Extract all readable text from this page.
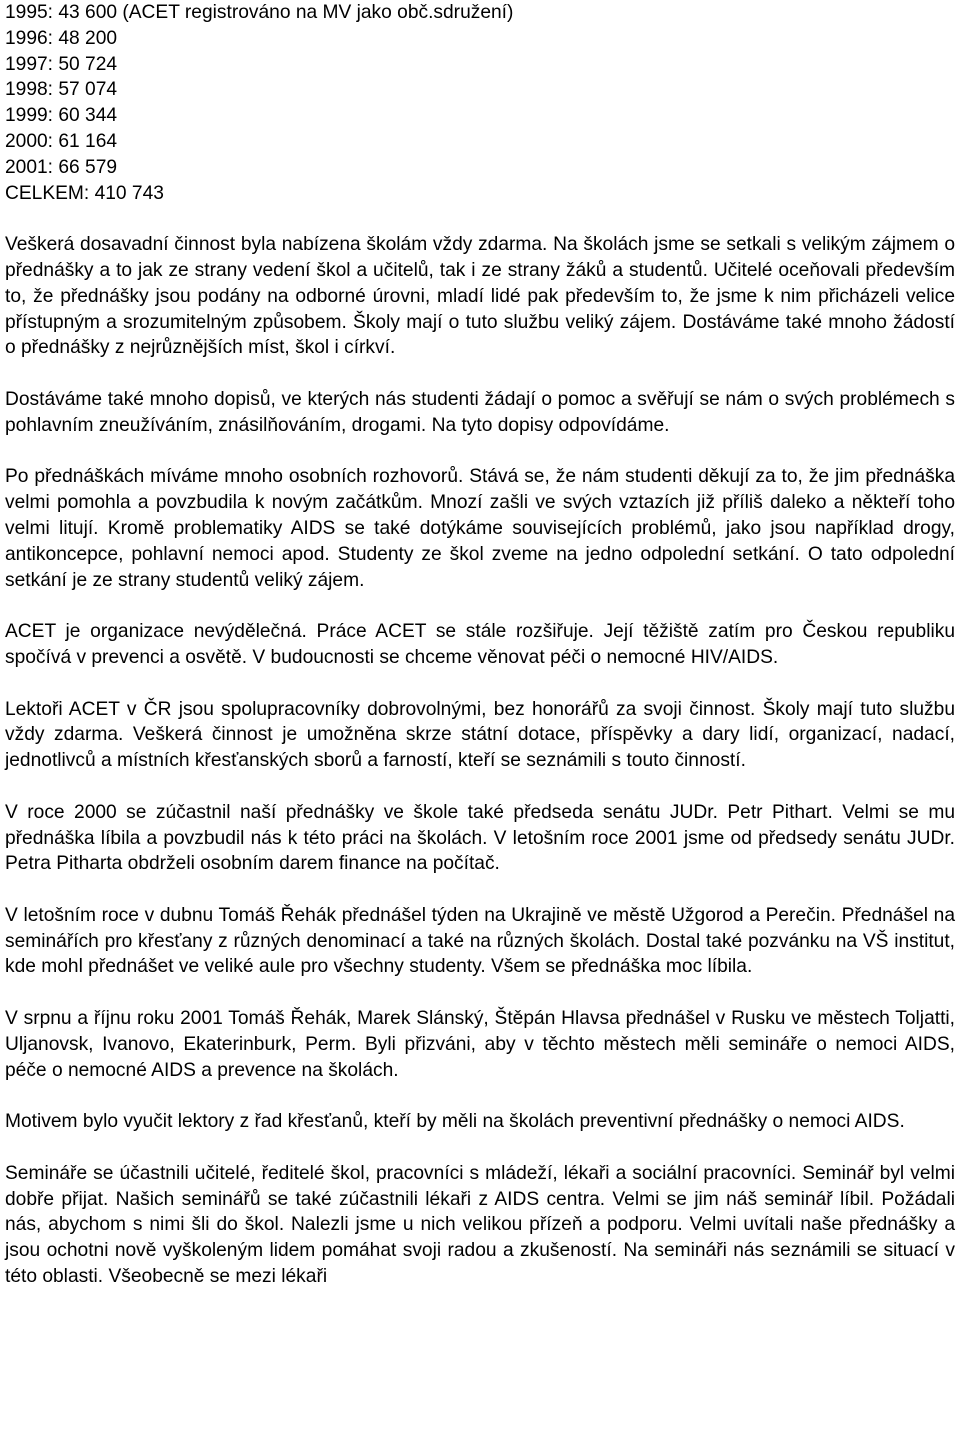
1995: 43 600 (ACET registrováno na MV jako obč.sdružení)
1996: 48 200
1997: 50 724
1998: 57 074
1999: 60 344
2000: 61 164
2001: 66 579
CELKEM: 410 743

Veškerá dosavadní činnost byla nabízena školám vždy zdarma. Na školách jsme se setkali s velikým zájmem o přednášky a to jak ze strany vedení škol a učitelů, tak i ze strany žáků a studentů. Učitelé oceňovali především to, že přednášky jsou podány na odborné úrovni, mladí lidé pak především to, že jsme k nim přicházeli velice přístupným a srozumitelným způsobem. Školy mají o tuto službu veliký zájem. Dostáváme také mnoho žádostí o přednášky z nejrůznějších míst, škol i církví.

Dostáváme také mnoho dopisů, ve kterých nás studenti žádají o pomoc a svěřují se nám o svých problémech s pohlavním zneužíváním, znásilňováním, drogami. Na tyto dopisy odpovídáme.

Po přednáškách míváme mnoho osobních rozhovorů. Stává se, že nám studenti děkují za to, že jim přednáška velmi pomohla a povzbudila k novým začátkům. Mnozí zašli ve svých vztazích již příliš daleko a někteří toho velmi litují. Kromě problematiky AIDS se také dotýkáme souvisejících problémů, jako jsou například drogy, antikoncepce, pohlavní nemoci apod. Studenty ze škol zveme na jedno odpolední setkání. O tato odpolední setkání je ze strany studentů veliký zájem.

ACET je organizace nevýdělečná. Práce ACET se stále rozšiřuje. Její těžiště zatím pro Českou republiku spočívá v prevenci a osvětě. V budoucnosti se chceme věnovat péči o nemocné HIV/AIDS.

Lektoři ACET v ČR jsou spolupracovníky dobrovolnými, bez honorářů za svoji činnost. Školy mají tuto službu vždy zdarma. Veškerá činnost je umožněna skrze státní dotace, příspěvky a dary lidí, organizací, nadací, jednotlivců a místních křesťanských sborů a farností, kteří se seznámili s touto činností.

V roce 2000 se zúčastnil naší přednášky ve škole také předseda senátu JUDr. Petr Pithart. Velmi se mu přednáška líbila a povzbudil nás k této práci na školách. V letošním roce 2001 jsme od předsedy senátu JUDr. Petra Pitharta obdrželi osobním darem finance na počítač.

V letošním roce v dubnu Tomáš Řehák přednášel týden na Ukrajině ve městě Užgorod a Perečin. Přednášel na seminářích pro křesťany z různých denominací a také na různých školách. Dostal také pozvánku na VŠ institut, kde mohl přednášet ve veliké aule pro všechny studenty. Všem se přednáška moc líbila.

V srpnu a říjnu roku 2001 Tomáš Řehák, Marek Slánský, Štěpán Hlavsa přednášel v Rusku ve městech Toljatti, Uljanovsk, Ivanovo, Ekaterinburk, Perm. Byli přizváni, aby v těchto městech měli semináře o nemoci AIDS, péče o nemocné AIDS a prevence na školách.

Motivem bylo vyučit lektory z řad křesťanů, kteří by měli na školách preventivní přednášky o nemoci AIDS.

Semináře se účastnili učitelé, ředitelé škol, pracovníci s mládeží, lékaři a sociální pracovníci. Seminář byl velmi dobře přijat. Našich seminářů se také zúčastnili lékaři z AIDS centra. Velmi se jim náš seminář líbil. Požádali nás, abychom s nimi šli do škol. Nalezli jsme u nich velikou přízeň a podporu. Velmi uvítali naše přednášky a jsou ochotni nově vyškoleným lidem pomáhat svoji radou a zkušeností. Na semináři nás seznámili se situací v této oblasti. Všeobecně se mezi lékaři
